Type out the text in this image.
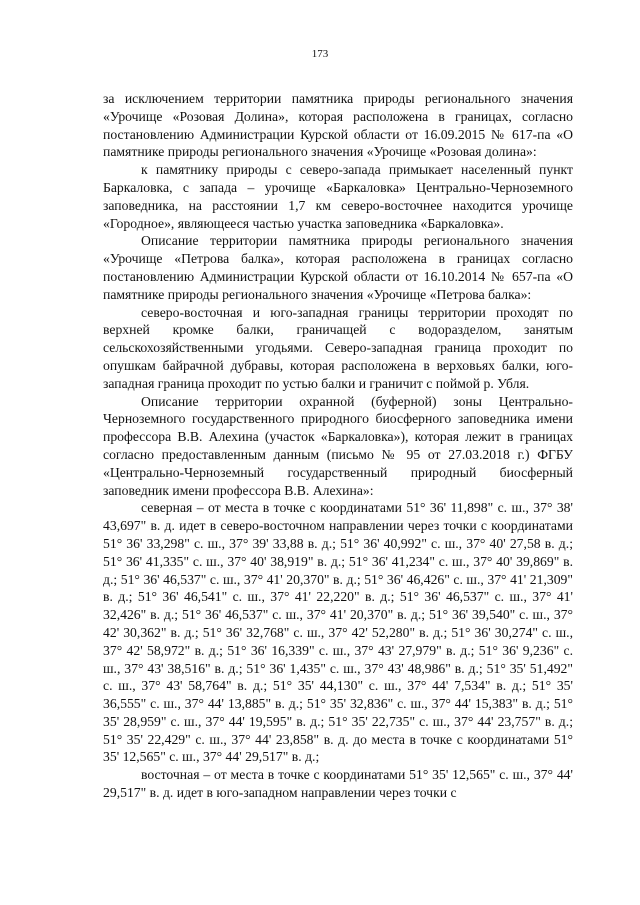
173

за исключением территории памятника природы регионального значения «Урочище «Розовая Долина», которая расположена в границах, согласно постановлению Администрации Курской области от 16.09.2015 № 617-па «О памятнике природы регионального значения «Урочище «Розовая долина»:

к памятнику природы с северо-запада примыкает населенный пункт Баркаловка, с запада – урочище «Баркаловка» Центрально-Черноземного заповедника, на расстоянии 1,7 км северо-восточнее находится урочище «Городное», являющееся частью участка заповедника «Баркаловка».

Описание территории памятника природы регионального значения «Урочище «Петрова балка», которая расположена в границах согласно постановлению Администрации Курской области от 16.10.2014 № 657-па «О памятнике природы регионального значения «Урочище «Петрова балка»:

северо-восточная и юго-западная границы территории проходят по верхней кромке балки, граничащей с водоразделом, занятым сельскохозяйственными угодьями. Северо-западная граница проходит по опушкам байрачной дубравы, которая расположена в верховьях балки, юго-западная граница проходит по устью балки и граничит с поймой р. Убля.

Описание территории охранной (буферной) зоны Центрально-Черноземного государственного природного биосферного заповедника имени профессора В.В. Алехина (участок «Баркаловка»), которая лежит в границах согласно предоставленным данным (письмо № 95 от 27.03.2018 г.) ФГБУ «Центрально-Черноземный государственный природный биосферный заповедник имени профессора В.В. Алехина»:

северная – от места в точке с координатами 51° 36' 11,898" с. ш., 37° 38' 43,697" в. д. идет в северо-восточном направлении через точки с координатами 51° 36' 33,298" с. ш., 37° 39' 33,88 в. д.; 51° 36' 40,992" с. ш., 37° 40' 27,58 в. д.; 51° 36' 41,335" с. ш., 37° 40' 38,919" в. д.; 51° 36' 41,234" с. ш., 37° 40' 39,869" в. д.; 51° 36' 46,537" с. ш., 37° 41' 20,370" в. д.; 51° 36' 46,426" с. ш., 37° 41' 21,309" в. д.; 51° 36' 46,541" с. ш., 37° 41' 22,220" в. д.; 51° 36' 46,537" с. ш., 37° 41' 32,426" в. д.; 51° 36' 46,537" с. ш., 37° 41' 20,370" в. д.; 51° 36' 39,540" с. ш., 37° 42' 30,362" в. д.; 51° 36' 32,768" с. ш., 37° 42' 52,280" в. д.; 51° 36' 30,274" с. ш., 37° 42' 58,972" в. д.; 51° 36' 16,339" с. ш., 37° 43' 27,979" в. д.; 51° 36' 9,236" с. ш., 37° 43' 38,516" в. д.; 51° 36' 1,435" с. ш., 37° 43' 48,986" в. д.; 51° 35' 51,492" с. ш., 37° 43' 58,764" в. д.; 51° 35' 44,130" с. ш., 37° 44' 7,534" в. д.; 51° 35' 36,555" с. ш., 37° 44' 13,885" в. д.; 51° 35' 32,836" с. ш., 37° 44' 15,383" в. д.; 51° 35' 28,959" с. ш., 37° 44' 19,595" в. д.; 51° 35' 22,735" с. ш., 37° 44' 23,757" в. д.; 51° 35' 22,429" с. ш., 37° 44' 23,858" в. д. до места в точке с координатами 51° 35' 12,565" с. ш., 37° 44' 29,517" в. д.;

восточная – от места в точке с координатами 51° 35' 12,565" с. ш., 37° 44' 29,517" в. д. идет в юго-западном направлении через точки с
